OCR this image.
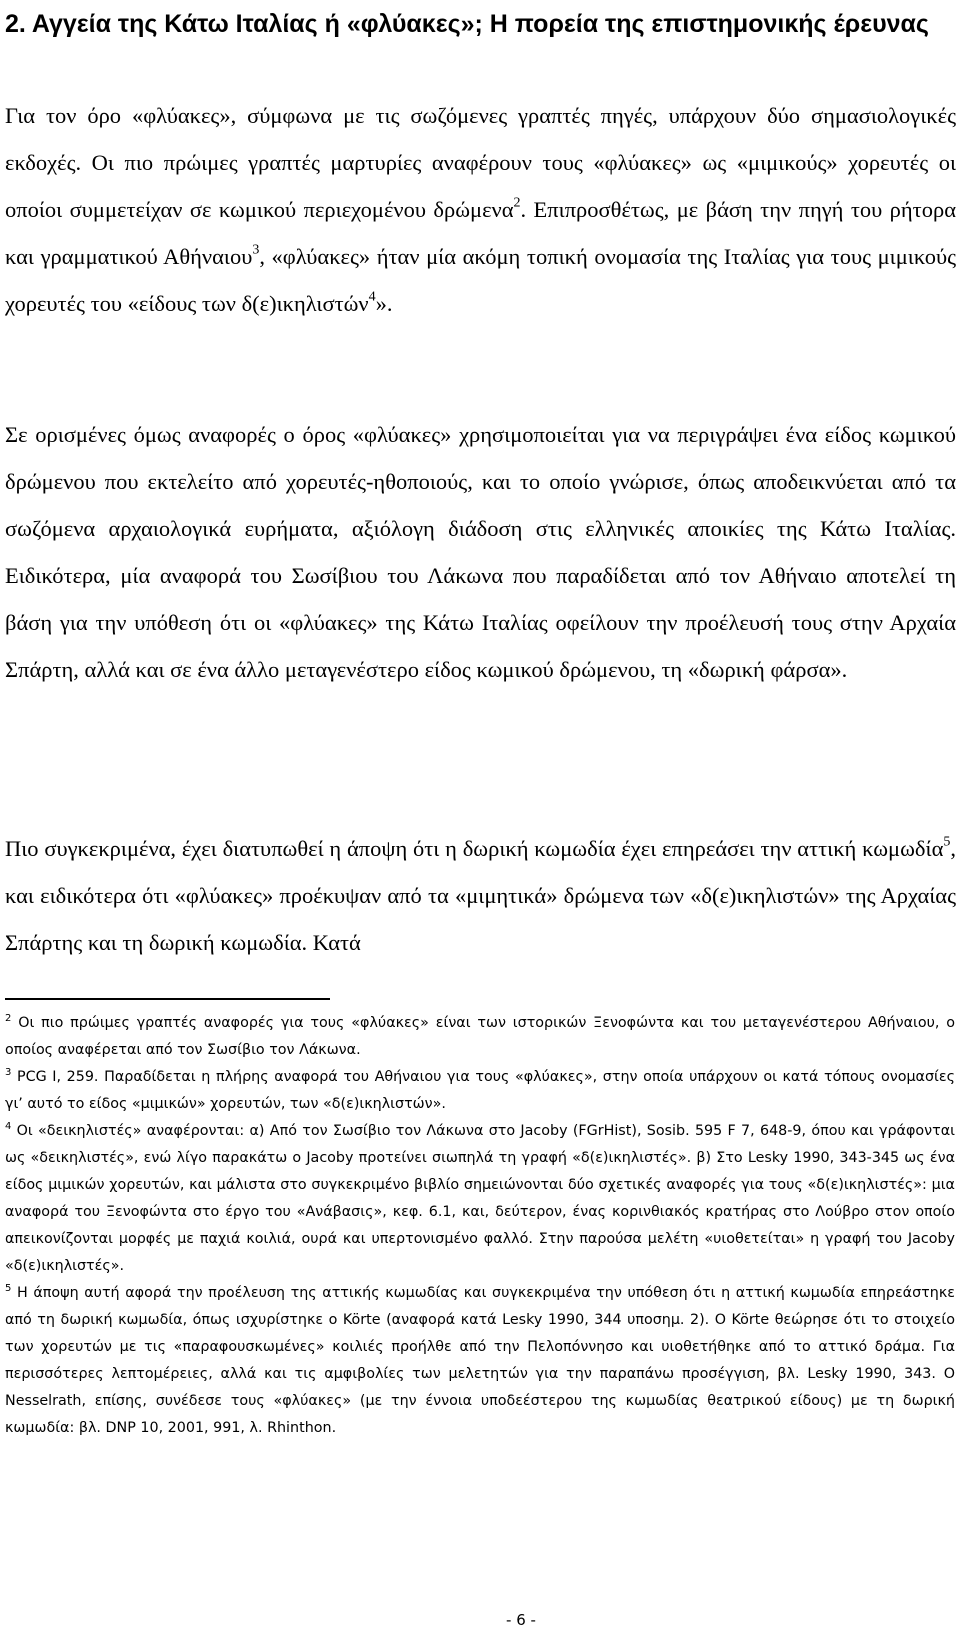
2. Αγγεία της Κάτω Ιταλίας ή «φλύακες»; Η πορεία της επιστημονικής έρευνας

Για τον όρο «φλύακες», σύμφωνα με τις σωζόμενες γραπτές πηγές, υπάρχουν δύο σημασιολογικές εκδοχές. Οι πιο πρώιμες γραπτές μαρτυρίες αναφέρουν τους «φλύακες» ως «μιμικούς» χορευτές οι οποίοι συμμετείχαν σε κωμικού περιεχομένου δρώμενα$^2$. Επιπροσθέτως, με βάση την πηγή του ρήτορα και γραμματικού Αθήναιου$^3$, «φλύακες» ήταν μία ακόμη τοπική ονομασία της Ιταλίας για τους μιμικούς χορευτές του «είδους των δ(ε)ικηλιστών$^4$».

Σε ορισμένες όμως αναφορές ο όρος «φλύακες» χρησιμοποιείται για να περιγράψει ένα είδος κωμικού δρώμενου που εκτελείτο από χορευτές-ηθοποιούς, και το οποίο γνώρισε, όπως αποδεικνύεται από τα σωζόμενα αρχαιολογικά ευρήματα, αξιόλογη διάδοση στις ελληνικές αποικίες της Κάτω Ιταλίας. Ειδικότερα, μία αναφορά του Σωσίβιου του Λάκωνα που παραδίδεται από τον Αθήναιο αποτελεί τη βάση για την υπόθεση ότι οι «φλύακες» της Κάτω Ιταλίας οφείλουν την προέλευσή τους στην Αρχαία Σπάρτη, αλλά και σε ένα άλλο μεταγενέστερο είδος κωμικού δρώμενου, τη «δωρική φάρσα».

Πιο συγκεκριμένα, έχει διατυπωθεί η άποψη ότι η δωρική κωμωδία έχει επηρεάσει την αττική κωμωδία$^5$, και ειδικότερα ότι «φλύακες» προέκυψαν από τα «μιμητικά» δρώμενα των «δ(ε)ικηλιστών» της Αρχαίας Σπάρτης και τη δωρική κωμωδία. Κατά

$^2$ Οι πιο πρώιμες γραπτές αναφορές για τους «φλύακες» είναι των ιστορικών Ξενοφώντα και του μεταγενέστερου Αθήναιου, ο οποίος αναφέρεται από τον Σωσίβιο τον Λάκωνα.

$^3$ PCG I, 259. Παραδίδεται η πλήρης αναφορά του Αθήναιου για τους «φλύακες», στην οποία υπάρχουν οι κατά τόπους ονομασίες γι’ αυτό το είδος «μιμικών» χορευτών, των «δ(ε)ικηλιστών».

$^4$ Οι «δεικηλιστές» αναφέρονται: α) Από τον Σωσίβιο τον Λάκωνα στο Jacoby (FGrHist), Sosib. 595 F 7, 648-9, όπου και γράφονται ως «δεικηλιστές», ενώ λίγο παρακάτω ο Jacoby προτείνει σιωπηλά τη γραφή «δ(ε)ικηλιστές». β) Στο Lesky 1990, 343-345 ως ένα είδος μιμικών χορευτών, και μάλιστα στο συγκεκριμένο βιβλίο σημειώνονται δύο σχετικές αναφορές για τους «δ(ε)ικηλιστές»: μια αναφορά του Ξενοφώντα στο έργο του «Ανάβασις», κεφ. 6.1, και, δεύτερον, ένας κορινθιακός κρατήρας στο Λούβρο στον οποίο απεικονίζονται μορφές με παχιά κοιλιά, ουρά και υπερτονισμένο φαλλό. Στην παρούσα μελέτη «υιοθετείται» η γραφή του Jacoby «δ(ε)ικηλιστές».

$^5$ Η άποψη αυτή αφορά την προέλευση της αττικής κωμωδίας και συγκεκριμένα την υπόθεση ότι η αττική κωμωδία επηρεάστηκε από τη δωρική κωμωδία, όπως ισχυρίστηκε ο Körte (αναφορά κατά Lesky 1990, 344 υποσημ. 2). Ο Körte θεώρησε ότι το στοιχείο των χορευτών με τις «παραφουσκωμένες» κοιλιές προήλθε από την Πελοπόννησο και υιοθετήθηκε από το αττικό δράμα. Για περισσότερες λεπτομέρειες, αλλά και τις αμφιβολίες των μελετητών για την παραπάνω προσέγγιση, βλ. Lesky 1990, 343. Ο Nesselrath, επίσης, συνέδεσε τους «φλύακες» (με την έννοια υποδεέστερου της κωμωδίας θεατρικού είδους) με τη δωρική κωμωδία: βλ. DNP 10, 2001, 991, λ. Rhinthon.

- 6 -
